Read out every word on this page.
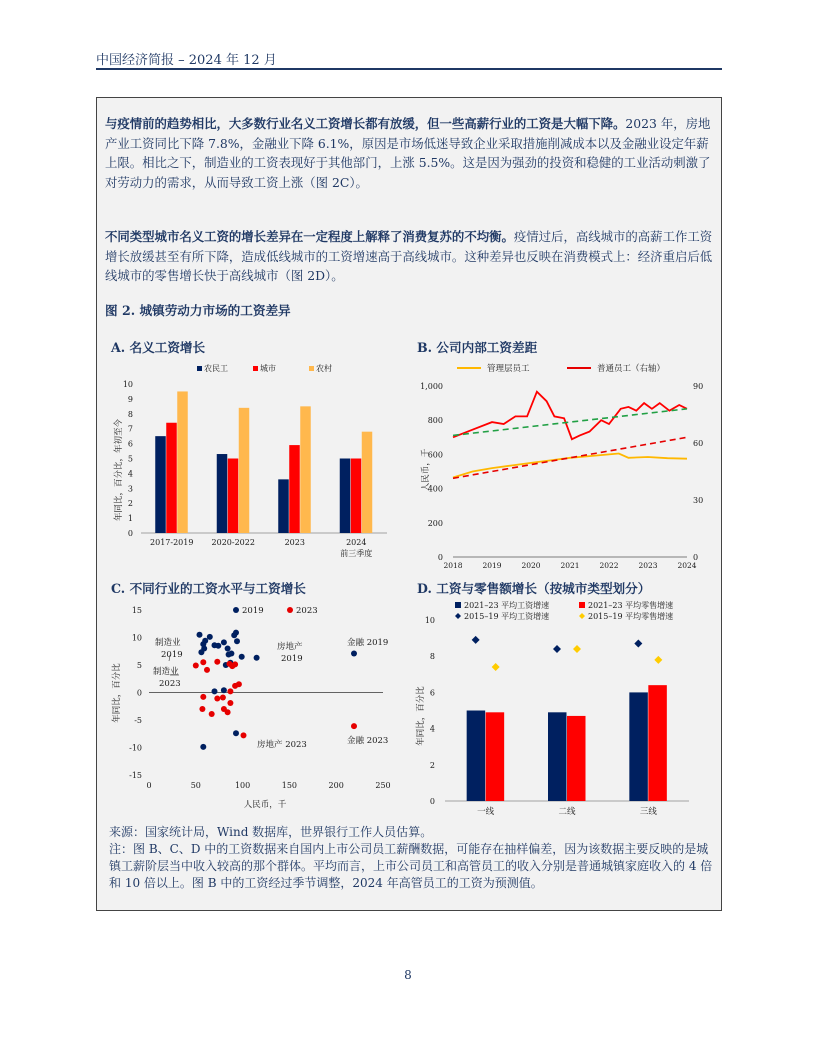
中国经济简报 – 2024 年 12 月
与疫情前的趋势相比，大多数行业名义工资增长都有放缓，但一些高薪行业的工资是大幅下降。2023 年，房地产业工资同比下降 7.8%，金融业下降 6.1%，原因是市场低迷导致企业采取措施削减成本以及金融业设定年薪上限。相比之下，制造业的工资表现好于其他部门，上涨 5.5%。这是因为强劲的投资和稳健的工业活动刺激了对劳动力的需求，从而导致工资上涨（图 2C）。
不同类型城市名义工资的增长差异在一定程度上解释了消费复苏的不均衡。疫情过后，高线城市的高薪工作工资增长放缓甚至有所下降，造成低线城市的工资增速高于高线城市。这种差异也反映在消费模式上：经济重启后低线城市的零售增长快于高线城市（图 2D）。
图 2. 城镇劳动力市场的工资差异
A. 名义工资增长	B. 公司内部工资差距
C. 不同行业的工资水平与工资增长	D. 工资与零售额增长（按城市类型划分）
农民工	城市	农村
年同比，百分比，年初至今
10
9
8
7
6
5
4
3
2
1
0
2017-2019 2020-2022	2023	2024
前三季度
管理层员工	普通员工（右轴）
人民币，千
1,000
800
600
400
200
0
90
60
30
0
2018	2019	2020	2021	2022	2023	2024
2019	2023
年同比，百分比
15
10
5
0
-5
-10
-15
0	50	100	150	200	250
制造业
2019
制造业
2023
房地产
2019
房地产 2023
金融 2019
金融 2023
人民币，千
2021–23 平均工资增速	2021–23 平均零售增速
2015–19 平均工资增速	2015–19 平均零售增速
年同比，百分比
10
8
6
4
2
0
一线	二线	三线
来源：国家统计局，Wind 数据库，世界银行工作人员估算。
注：图 B、C、D 中的工资数据来自国内上市公司员工薪酬数据，可能存在抽样偏差，因为该数据主要反映的是城镇工薪阶层当中收入较高的那个群体。平均而言，上市公司员工和高管员工的收入分别是普通城镇家庭收入的 4 倍和 10 倍以上。图 B 中的工资经过季节调整，2024 年高管员工的工资为预测值。
8
